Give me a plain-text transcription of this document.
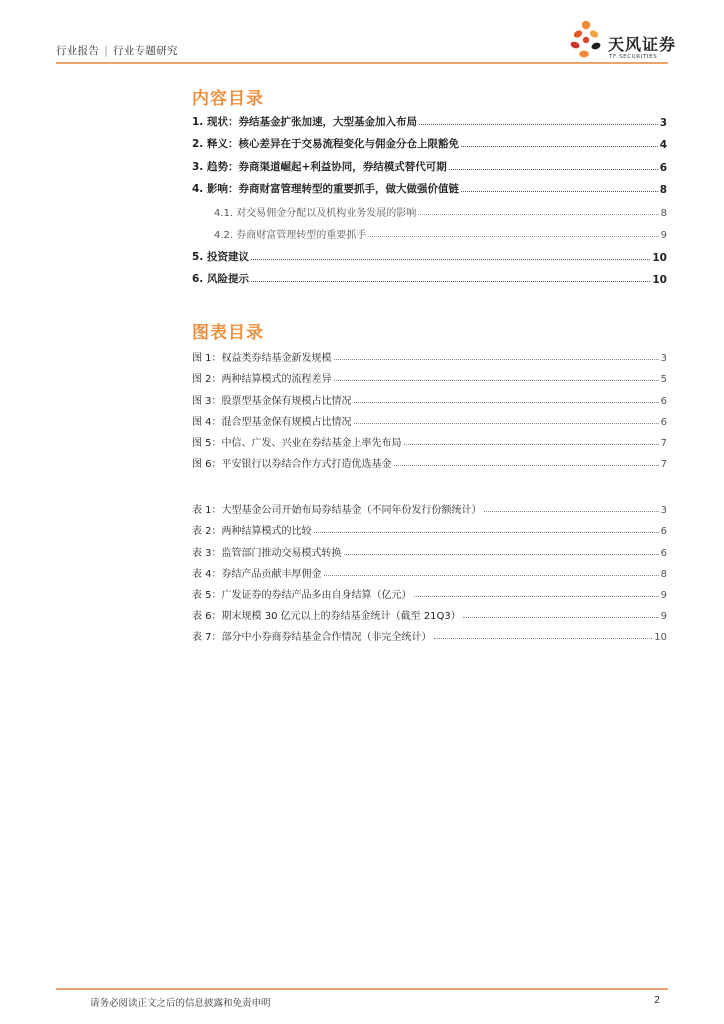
行业报告 | 行业专题研究	天风证券
TF SECURITIES
内容目录
1. 现状：券结基金扩张加速，大型基金加入布局	3
2. 释义：核心差异在于交易流程变化与佣金分仓上限豁免	4
3. 趋势：券商渠道崛起+利益协同，券结模式替代可期	6
4. 影响：券商财富管理转型的重要抓手，做大做强价值链	8
4.1. 对交易佣金分配以及机构业务发展的影响	8
4.2. 券商财富管理转型的重要抓手	9
5. 投资建议	10
6. 风险提示	10
图表目录
图 1：权益类券结基金新发规模	3
图 2：两种结算模式的流程差异	5
图 3：股票型基金保有规模占比情况	6
图 4：混合型基金保有规模占比情况	6
图 5：中信、广发、兴业在券结基金上率先布局	7
图 6：平安银行以券结合作方式打造优选基金	7
表 1：大型基金公司开始布局券结基金（不同年份发行份额统计）	3
表 2：两种结算模式的比较	6
表 3：监管部门推动交易模式转换	6
表 4：券结产品贡献丰厚佣金	8
表 5：广发证券的券结产品多由自身结算（亿元）	9
表 6：期末规模 30 亿元以上的券结基金统计（截至 21Q3）	9
表 7：部分中小券商券结基金合作情况（非完全统计）	10
请务必阅读正文之后的信息披露和免责申明	2
